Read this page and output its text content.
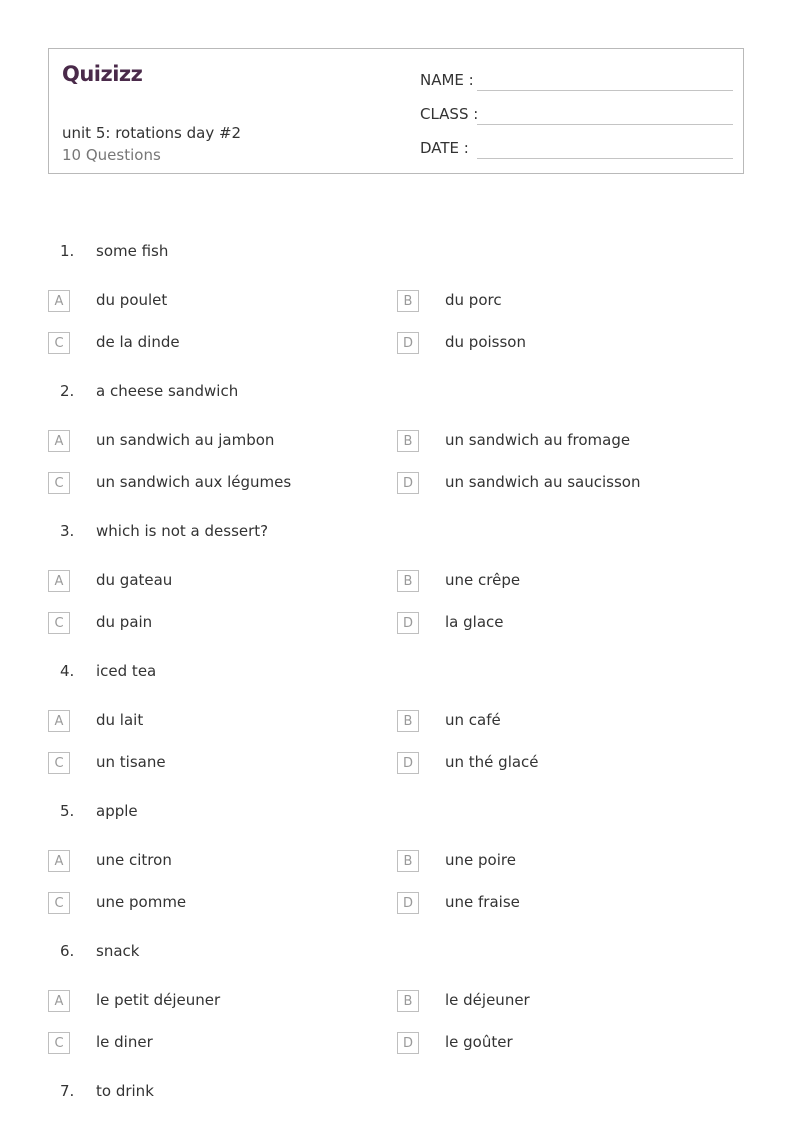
Quizizz
unit 5: rotations day #2
10 Questions
NAME :
CLASS :
DATE :
1. some fish
A	du poulet	B	du porc
C	de la dinde	D	du poisson
2. a cheese sandwich
A	un sandwich au jambon	B	un sandwich au fromage
C	un sandwich aux légumes	D	un sandwich au saucisson
3. which is not a dessert?
A	du gateau	B	une crêpe
C	du pain	D	la glace
4. iced tea
A	du lait	B	un café
C	un tisane	D	un thé glacé
5. apple
A	une citron	B	une poire
C	une pomme	D	une fraise
6. snack
A	le petit déjeuner	B	le déjeuner
C	le diner	D	le goûter
7. to drink
